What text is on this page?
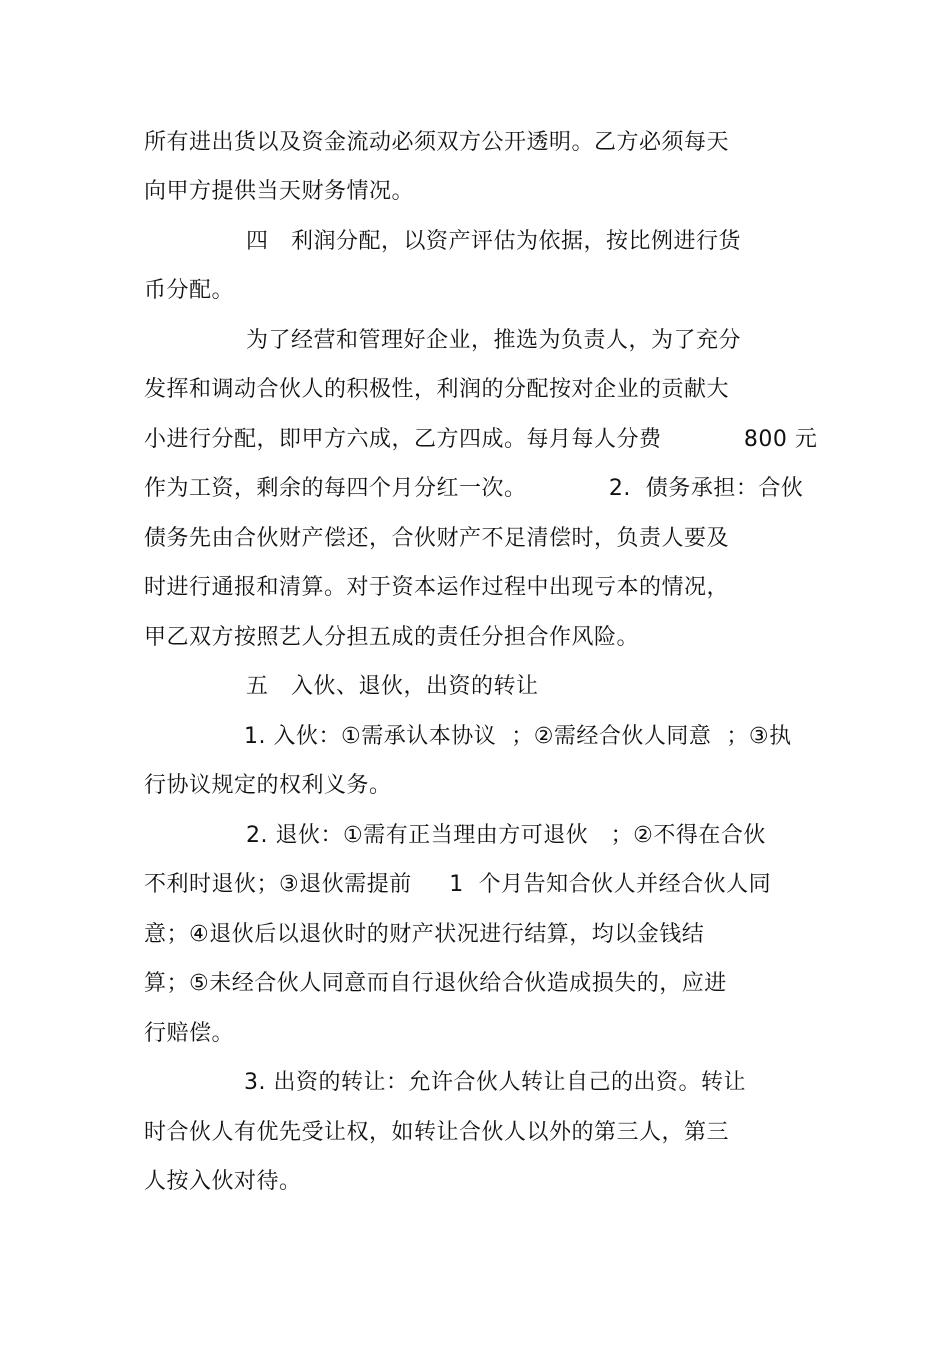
所有进出货以及资金流动必须双方公开透明。乙方必须每天
向甲方提供当天财务情况。
四   利润分配，以资产评估为依据，按比例进行货
币分配。
为了经营和管理好企业，推选为负责人，为了充分
发挥和调动合伙人的积极性，利润的分配按对企业的贡献大
小进行分配，即甲方六成，乙方四成。每月每人分费           800 元
作为工资，剩余的每四个月分红一次。           2.  债务承担：合伙
债务先由合伙财产偿还，合伙财产不足清偿时，负责人要及
时进行通报和清算。对于资本运作过程中出现亏本的情况，
甲乙双方按照艺人分担五成的责任分担合作风险。
五   入伙、退伙，出资的转让
1. 入伙：①需承认本协议  ；②需经合伙人同意  ；③执
行协议规定的权利义务。
2. 退伙：①需有正当理由方可退伙   ；②不得在合伙
不利时退伙；③退伙需提前     1  个月告知合伙人并经合伙人同
意；④退伙后以退伙时的财产状况进行结算，均以金钱结
算；⑤未经合伙人同意而自行退伙给合伙造成损失的，应进
行赔偿。
3. 出资的转让：允许合伙人转让自己的出资。转让
时合伙人有优先受让权，如转让合伙人以外的第三人，第三
人按入伙对待。
